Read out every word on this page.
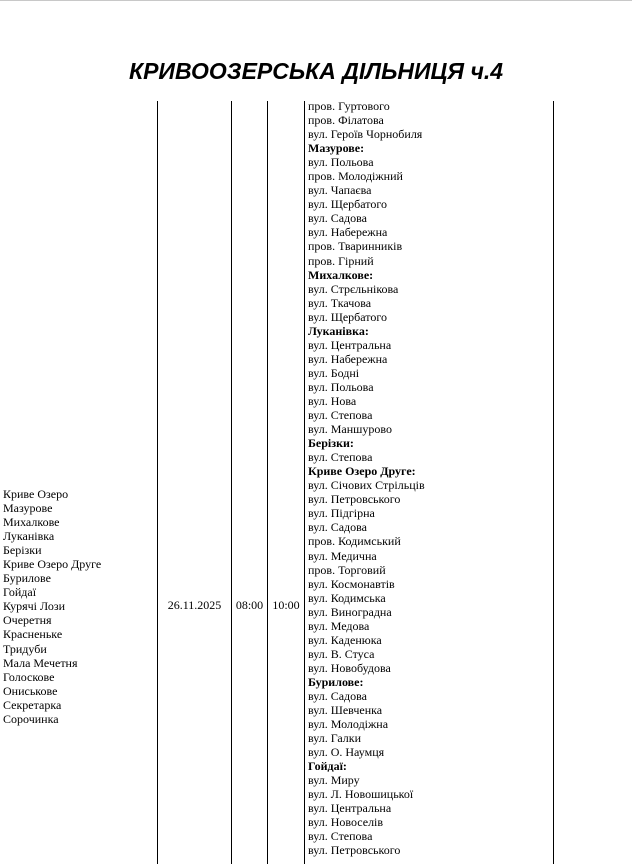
КРИВООЗЕРСЬКА ДІЛЬНИЦЯ ч.4
Криве Озеро
Мазурове
Михалкове
Луканівка
Берізки
Криве Озеро Друге
Бурилове
Гойдаї
Курячі Лози
Очеретня
Красненьке
Тридуби
Мала Мечетня
Голоскове
Ониськове
Секретарка
Сорочинка
26.11.2025	08:00 10:00
пров. Гуртового
пров. Філатова
вул. Героїв Чорнобиля
Мазурове:
вул. Польова
пров. Молодіжний
вул. Чапаєва
вул. Щербатого
вул. Садова
вул. Набережна
пров. Тваринників
пров. Гірний
Михалкове:
вул. Стрєльнікова
вул. Ткачова
вул. Щербатого
Луканівка:
вул. Центральна
вул. Набережна
вул. Бодні
вул. Польова
вул. Нова
вул. Степова
вул. Маншурово
Берізки:
вул. Степова
Криве Озеро Друге:
вул. Січових Стрільців
вул. Петровського
вул. Підгірна
вул. Садова
пров. Кодимський
вул. Медична
пров. Торговий
вул. Космонавтів
вул. Кодимська
вул. Виноградна
вул. Медова
вул. Каденюка
вул. В. Стуса
вул. Новобудова
Бурилове:
вул. Садова
вул. Шевченка
вул. Молодіжна
вул. Галки
вул. О. Наумця
Гойдаї:
вул. Миру
вул. Л. Новошицької
вул. Центральна
вул. Новоселів
вул. Степова
вул. Петровського
